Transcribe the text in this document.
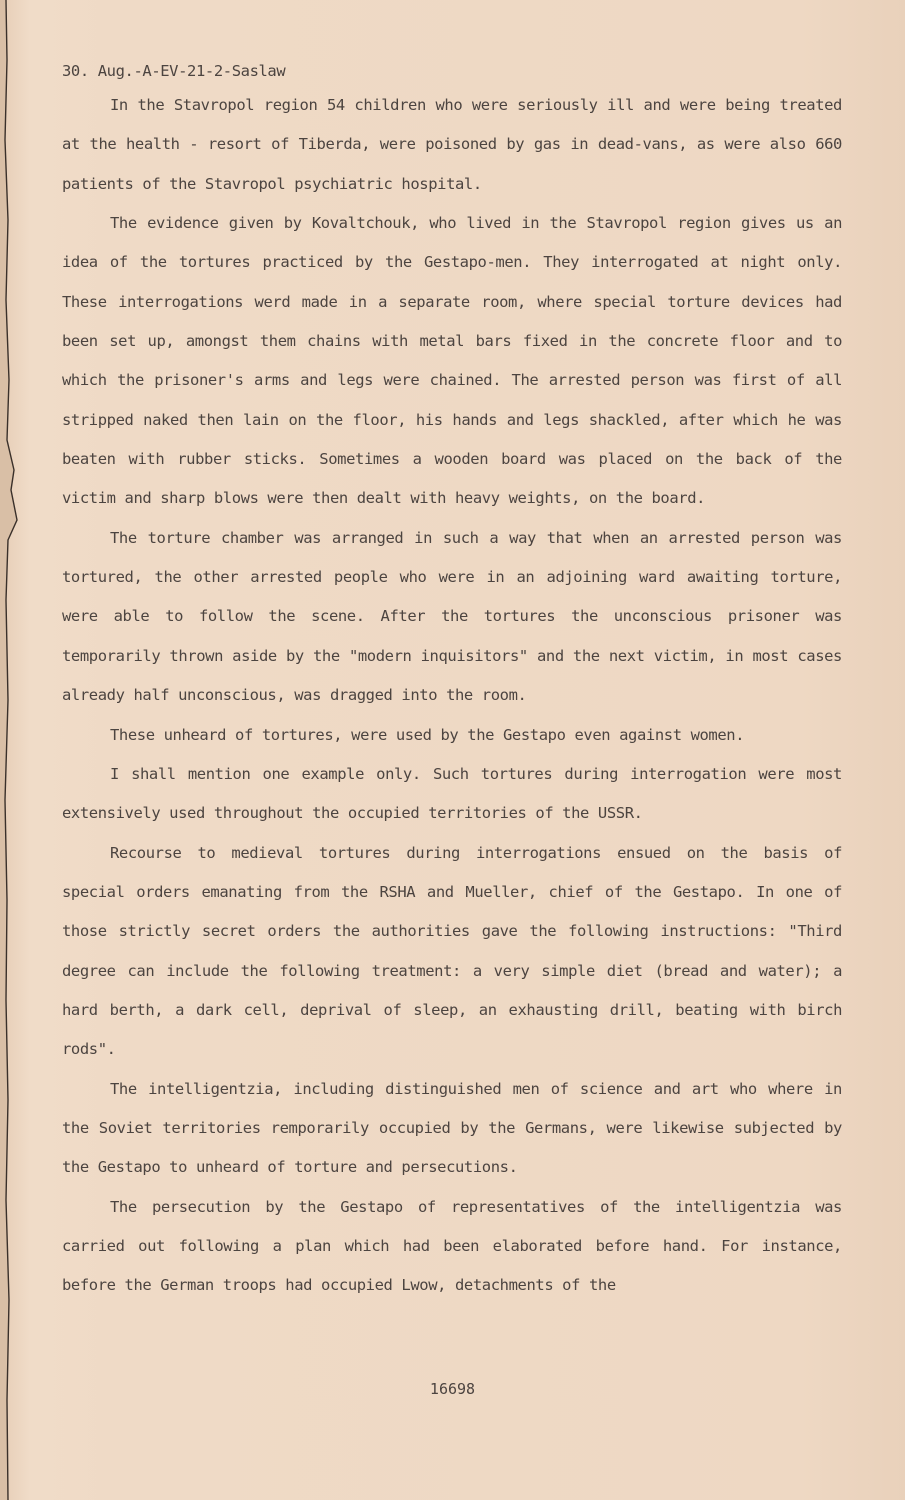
30. Aug.-A-EV-21-2-Saslaw

In the Stavropol region 54 children who were seriously ill and were being treated at the health - resort of Tiberda, were poisoned by gas in dead-vans, as were also 660 patients of the Stavropol psychiatric hospital.

The evidence given by Kovaltchouk, who lived in the Stavropol region gives us an idea of the tortures practiced by the Gestapo-men. They interrogated at night only. These interrogations werd made in a separate room, where special torture devices had been set up, amongst them chains with metal bars fixed in the concrete floor and to which the prisoner's arms and legs were chained. The arrested person was first of all stripped naked then lain on the floor, his hands and legs shackled, after which he was beaten with rubber sticks. Sometimes a wooden board was placed on the back of the victim and sharp blows were then dealt with heavy weights, on the board.

The torture chamber was arranged in such a way that when an arrested person was tortured, the other arrested people who were in an adjoining ward awaiting torture, were able to follow the scene. After the tortures the unconscious prisoner was temporarily thrown aside by the "modern inquisitors" and the next victim, in most cases already half unconscious, was dragged into the room.

These unheard of tortures, were used by the Gestapo even against women.

I shall mention one example only. Such tortures during interrogation were most extensively used throughout the occupied territories of the USSR.

Recourse to medieval tortures during interrogations ensued on the basis of special orders emanating from the RSHA and Mueller, chief of the Gestapo. In one of those strictly secret orders the authorities gave the following instructions: "Third degree can include the following treatment: a very simple diet (bread and water); a hard berth, a dark cell, deprival of sleep, an exhausting drill, beating with birch rods".

The intelligentzia, including distinguished men of science and art who where in the Soviet territories remporarily occupied by the Germans, were likewise subjected by the Gestapo to unheard of torture and persecutions.

The persecution by the Gestapo of representatives of the intelligentzia was carried out following a plan which had been elaborated before hand. For instance, before the German troops had occupied Lwow, detachments of the

16698
